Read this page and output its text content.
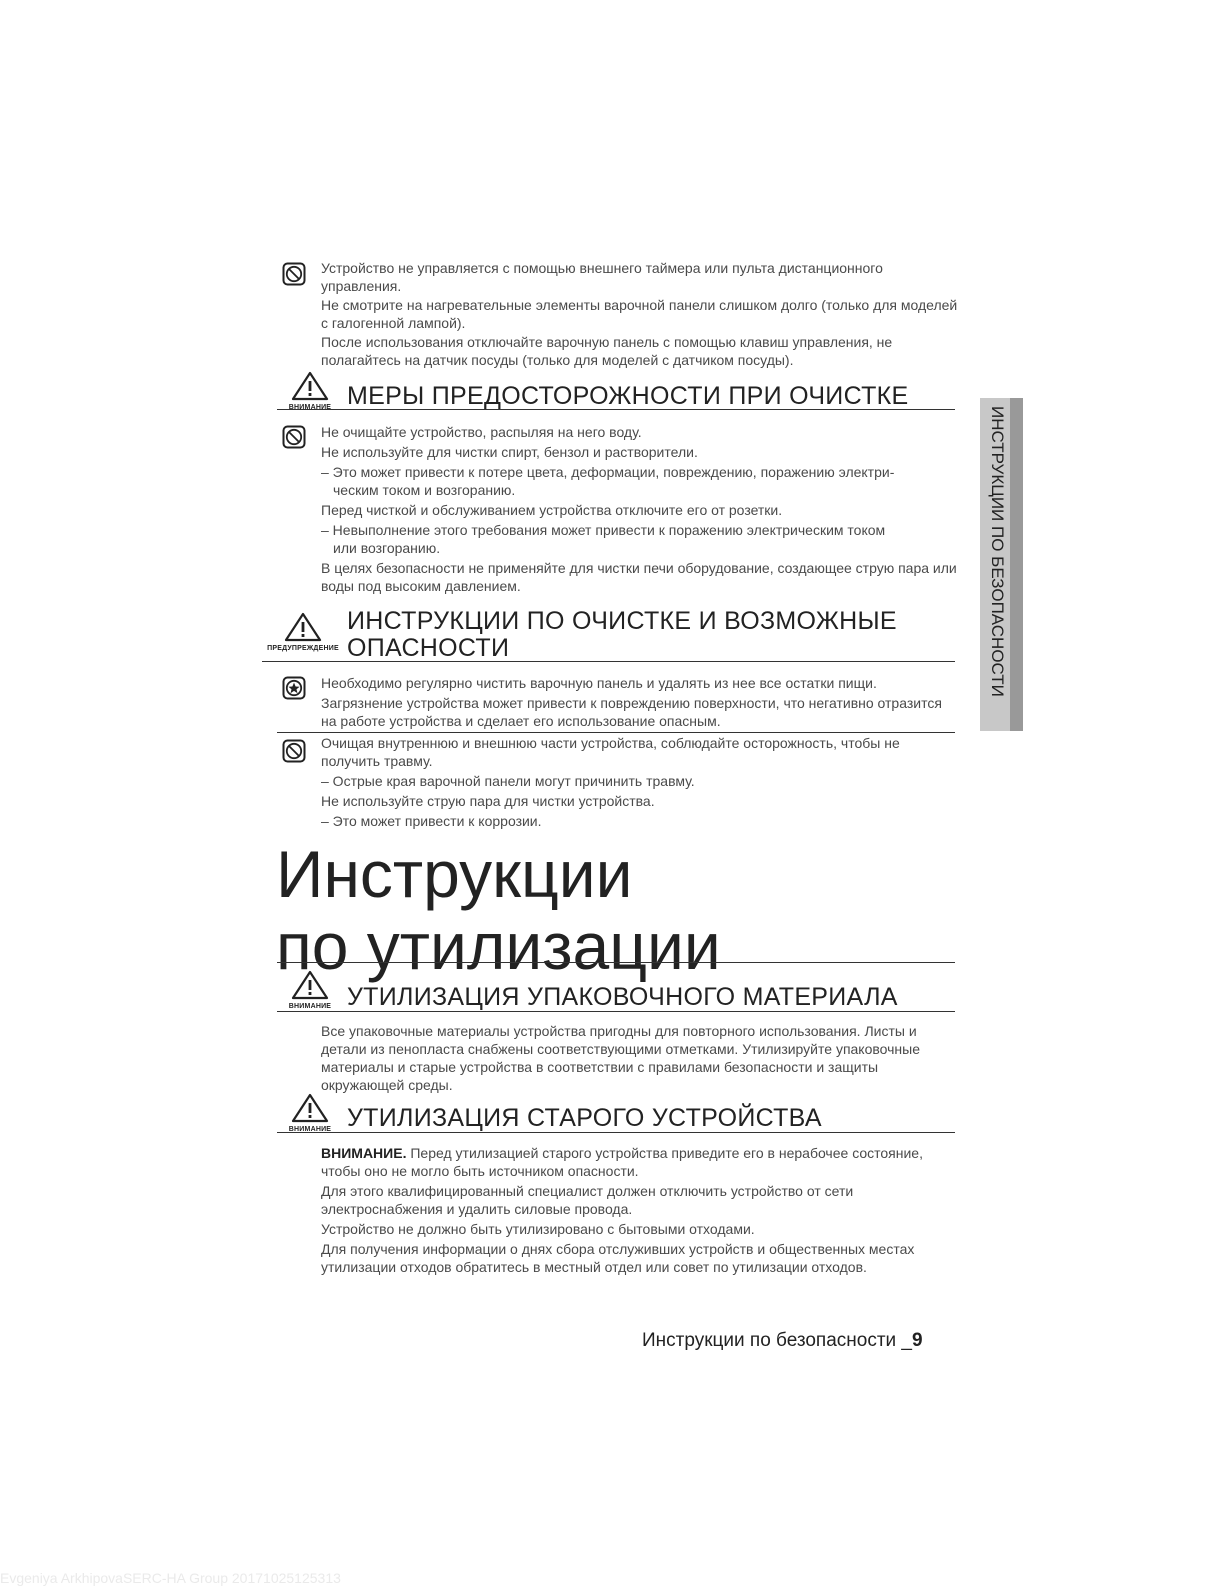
Устройство не управляется с помощью внешнего таймера или пульта дистанционного управления.

Не смотрите на нагревательные элементы варочной панели слишком долго (только для моделей с галогенной лампой).

После использования отключайте варочную панель с помощью клавиш управления, не полагайтесь на датчик посуды (только для моделей с датчиком посуды).

ВНИМАНИЕ МЕРЫ ПРЕДОСТОРОЖНОСТИ ПРИ ОЧИСТКЕ

Не очищайте устройство, распыляя на него воду.

Не используйте для чистки спирт, бензол и растворители.

– Это может привести к потере цвета, деформации, повреждению, поражению электри-

ческим током и возгоранию.

Перед чисткой и обслуживанием устройства отключите его от розетки.

– Невыполнение этого требования может привести к поражению электрическим током

или возгоранию.

В целях безопасности не применяйте для чистки печи оборудование, создающее струю пара или воды под высоким давлением.

ПРЕДУПРЕЖДЕНИЕ
ИНСТРУКЦИИ ПО ОЧИСТКЕ И ВОЗМОЖНЫЕ
ОПАСНОСТИ

Необходимо регулярно чистить варочную панель и удалять из нее все остатки пищи.

Загрязнение устройства может привести к повреждению поверхности, что негативно отразится на работе устройства и сделает его использование опасным.

Очищая внутреннюю и внешнюю части устройства, соблюдайте осторожность, чтобы не получить травму.

– Острые края варочной панели могут причинить травму.

Не используйте струю пара для чистки устройства.

– Это может привести к коррозии.

Инструкции
по утилизации
ВНИМАНИЕ УТИЛИЗАЦИЯ УПАКОВОЧНОГО МАТЕРИАЛА
Все упаковочные материалы устройства пригодны для повторного использования. Листы и детали из пенопласта снабжены соответствующими отметками. Утилизируйте упаковочные материалы и старые устройства в соответствии с правилами безопасности и защиты окружающей среды.
ВНИМАНИЕ УТИЛИЗАЦИЯ СТАРОГО УСТРОЙСТВА

ВНИМАНИЕ. Перед утилизацией старого устройства приведите его в нерабочее состояние, чтобы оно не могло быть источником опасности.

Для этого квалифицированный специалист должен отключить устройство от сети электроснабжения и удалить силовые провода.

Устройство не должно быть утилизировано с бытовыми отходами.

Для получения информации о днях сбора отслуживших устройств и общественных местах утилизации отходов обратитесь в местный отдел или совет по утилизации отходов.

ИНСТРУКЦИИ ПО БЕЗОПАСНОСТИ
Инструкции по безопасности _9
Evgeniya ArkhipovaSERC-HA Group 20171025125313
